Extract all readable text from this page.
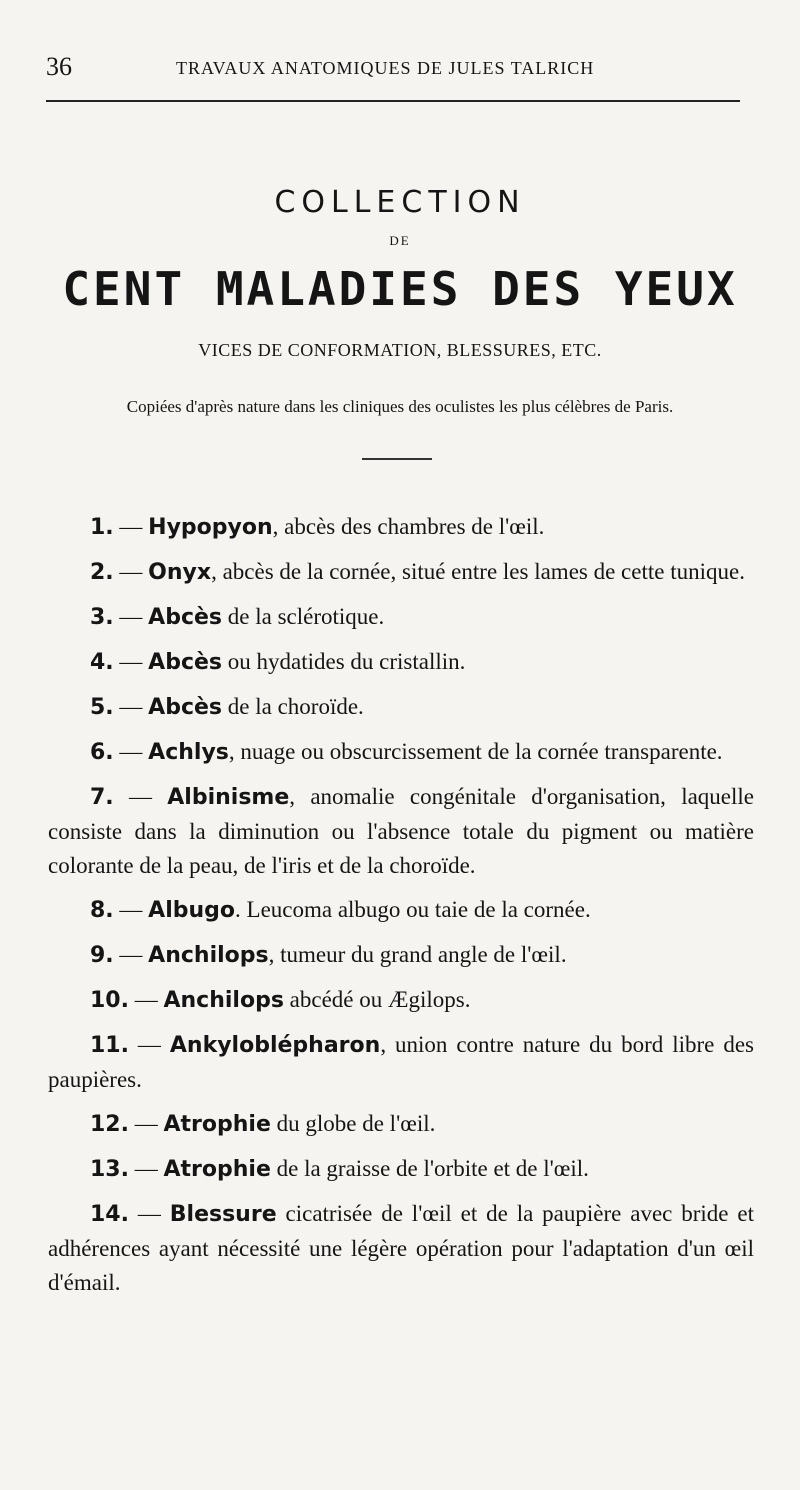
36	TRAVAUX ANATOMIQUES DE JULES TALRICH
COLLECTION
DE
CENT MALADIES DES YEUX
VICES DE CONFORMATION, BLESSURES, ETC.
Copiées d'après nature dans les cliniques des oculistes les plus célèbres de Paris.
1. — Hypopyon, abcès des chambres de l'œil.
2. — Onyx, abcès de la cornée, situé entre les lames de cette tunique.
3. — Abcès de la sclérotique.
4. — Abcès ou hydatides du cristallin.
5. — Abcès de la choroïde.
6. — Achlys, nuage ou obscurcissement de la cornée transparente.
7. — Albinisme, anomalie congénitale d'organisation, laquelle consiste dans la diminution ou l'absence totale du pigment ou matière colorante de la peau, de l'iris et de la choroïde.
8. — Albugo. Leucoma albugo ou taie de la cornée.
9. — Anchilops, tumeur du grand angle de l'œil.
10. — Anchilops abcédé ou Ægilops.
11. — Ankyloblépharon, union contre nature du bord libre des paupières.
12. — Atrophie du globe de l'œil.
13. — Atrophie de la graisse de l'orbite et de l'œil.
14. — Blessure cicatrisée de l'œil et de la paupière avec bride et adhérences ayant nécessité une légère opération pour l'adaptation d'un œil d'émail.
